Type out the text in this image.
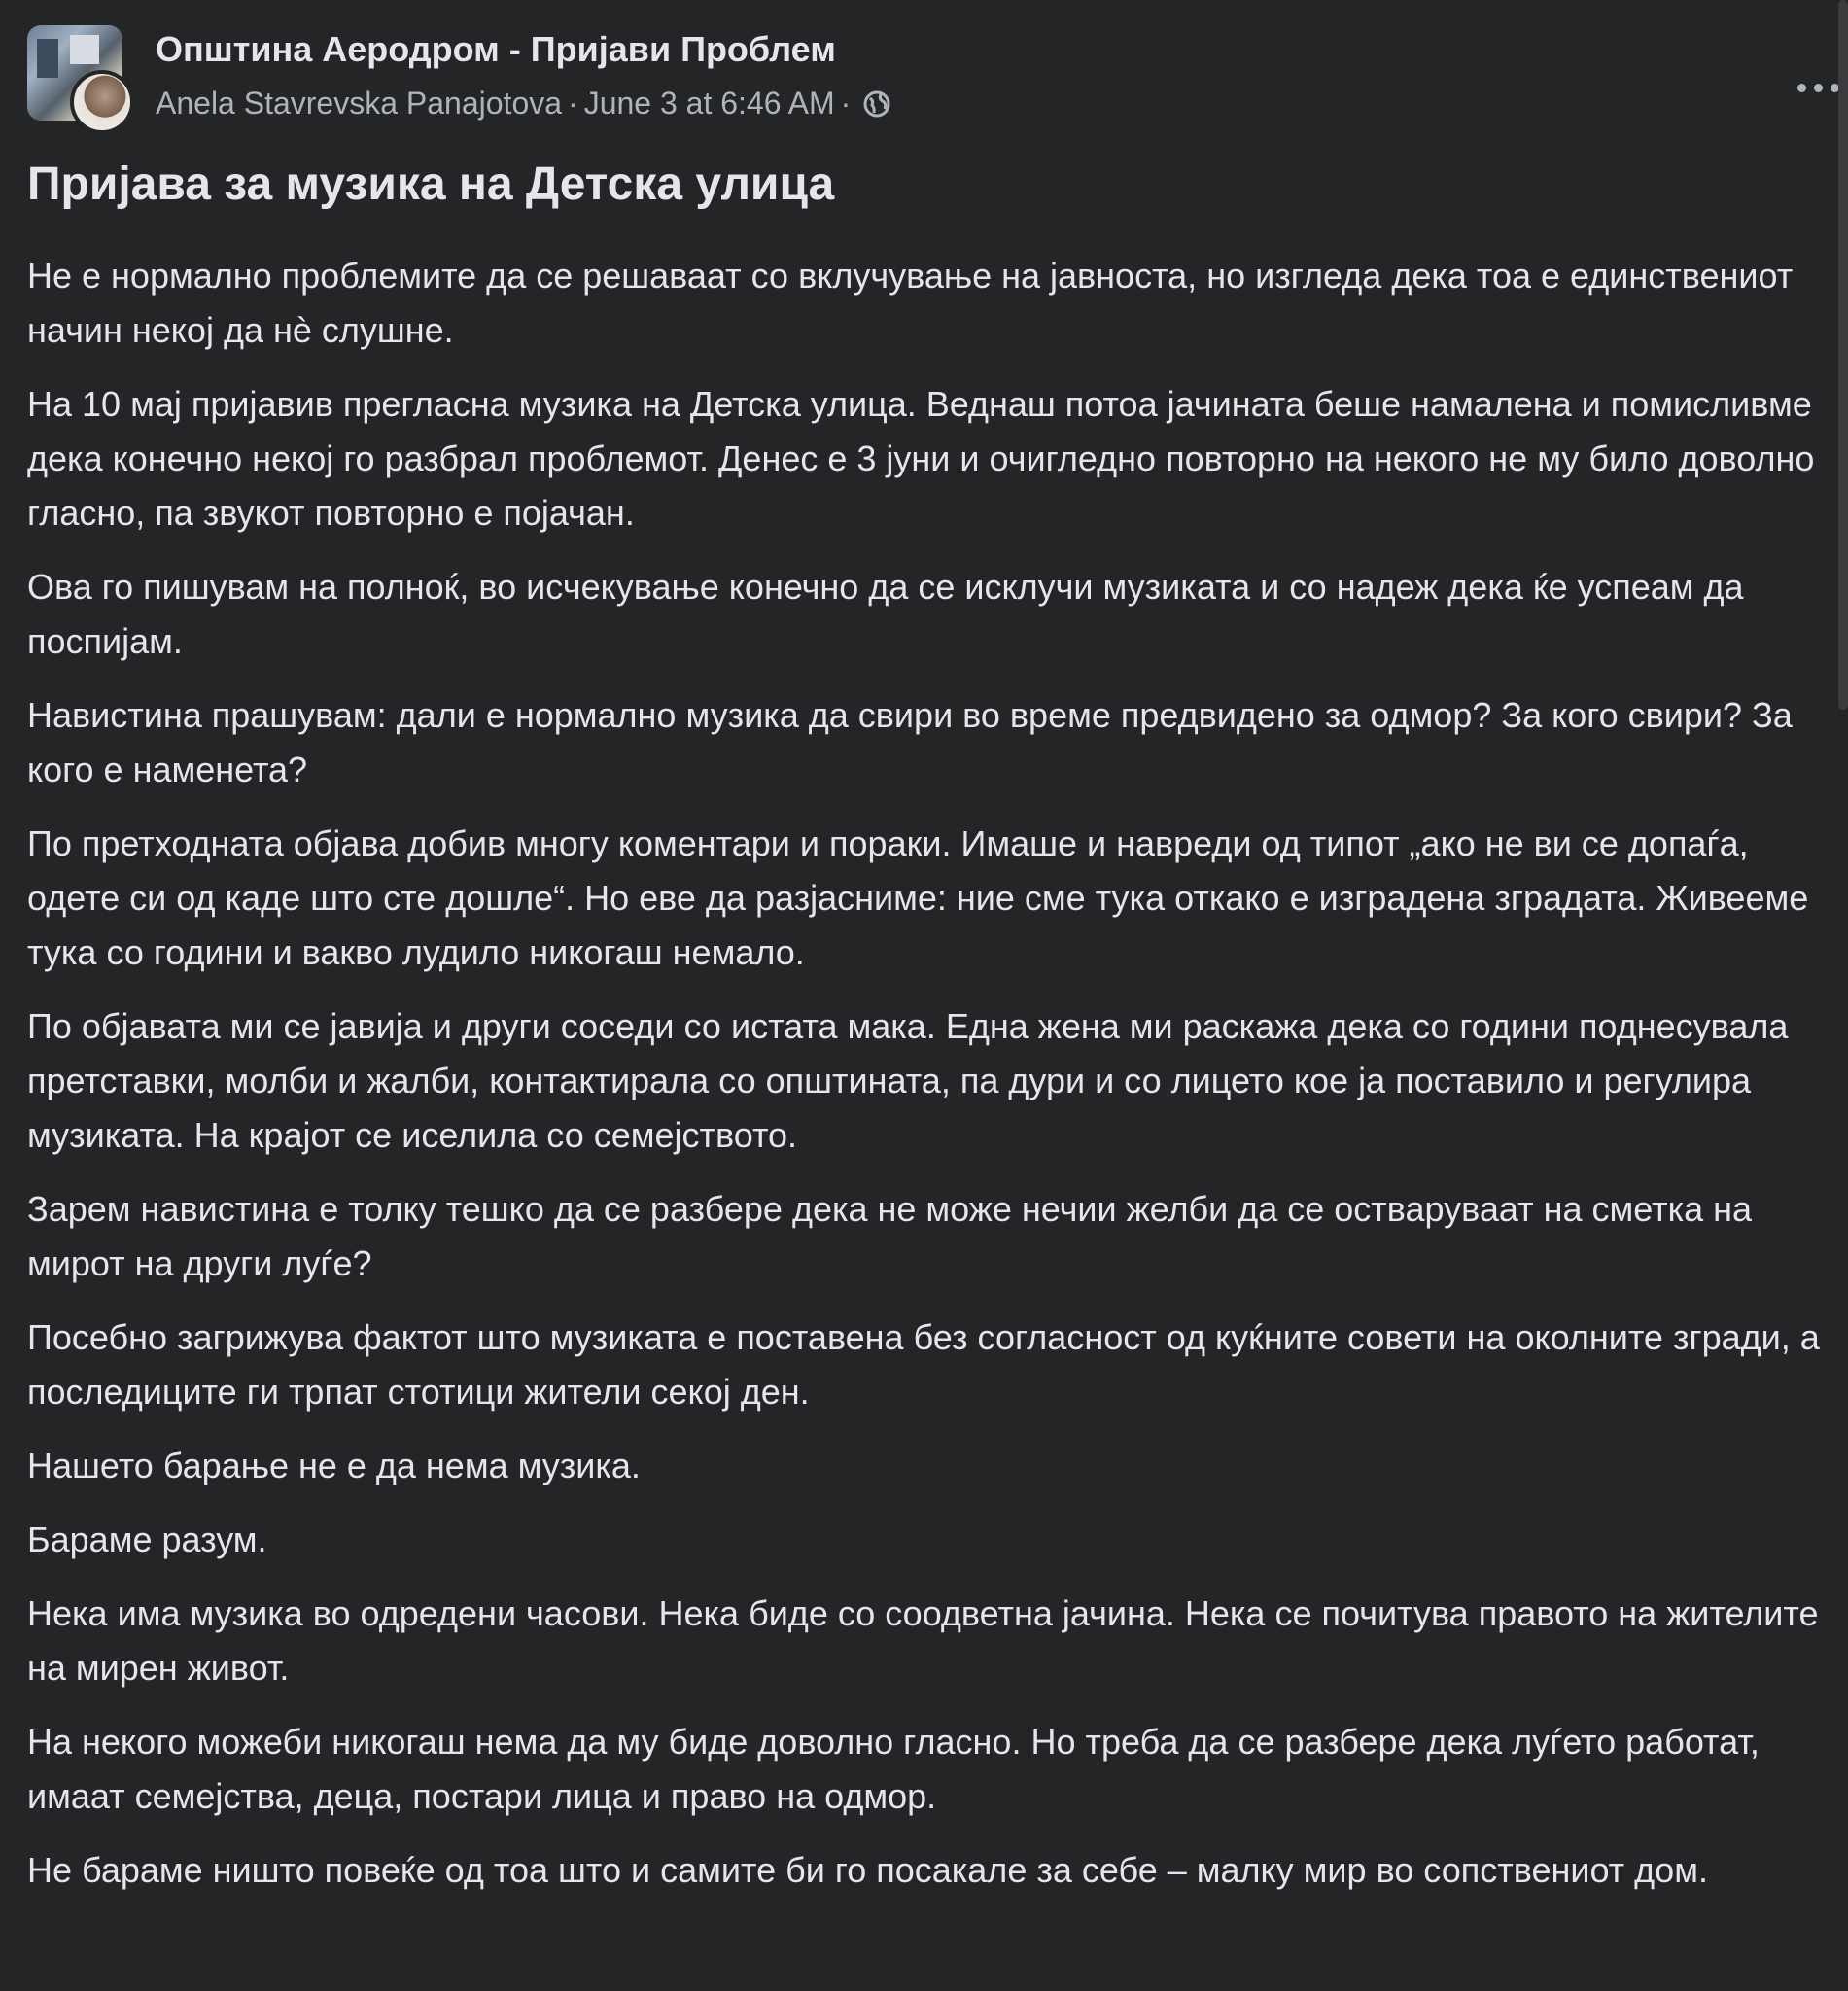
Општина Аеродром - Пријави Проблем
Anela Stavrevska Panajotova · June 3 at 6:46 AM ·
Пријава за музика на Детска улица

Не е нормално проблемите да се решаваат со вклучување на јавноста, но изгледа дека тоа е единствениот начин некој да нè слушне.

На 10 мај пријавив прегласна музика на Детска улица. Веднаш потоа јачината беше намалена и помисливме дека конечно некој го разбрал проблемот. Денес е 3 јуни и очигледно повторно на некого не му било доволно гласно, па звукот повторно е појачан.

Ова го пишувам на полноќ, во исчекување конечно да се исклучи музиката и со надеж дека ќе успеам да поспијам.

Навистина прашувам: дали е нормално музика да свири во време предвидено за одмор? За кого свири? За кого е наменета?

По претходната објава добив многу коментари и пораки. Имаше и навреди од типот „ако не ви се допаѓа, одете си од каде што сте дошле“. Но еве да разјасниме: ние сме тука откако е изградена зградата. Живееме тука со години и вакво лудило никогаш немало.

По објавата ми се јавија и други соседи со истата мака. Една жена ми раскажа дека со години поднесувала претставки, молби и жалби, контактирала со општината, па дури и со лицето кое ја поставило и регулира музиката. На крајот се иселила со семејството.

Зарем навистина е толку тешко да се разбере дека не може нечии желби да се остваруваат на сметка на мирот на други луѓе?

Посебно загрижува фактот што музиката е поставена без согласност од куќните совети на околните згради, а последиците ги трпат стотици жители секој ден.

Нашето барање не е да нема музика.

Бараме разум.

Нека има музика во одредени часови. Нека биде со соодветна јачина. Нека се почитува правото на жителите на мирен живот.

На некого можеби никогаш нема да му биде доволно гласно. Но треба да се разбере дека луѓето работат, имаат семејства, деца, постари лица и право на одмор.

Не бараме ништо повеќе од тоа што и самите би го посакале за себе – малку мир во сопствениот дом.
